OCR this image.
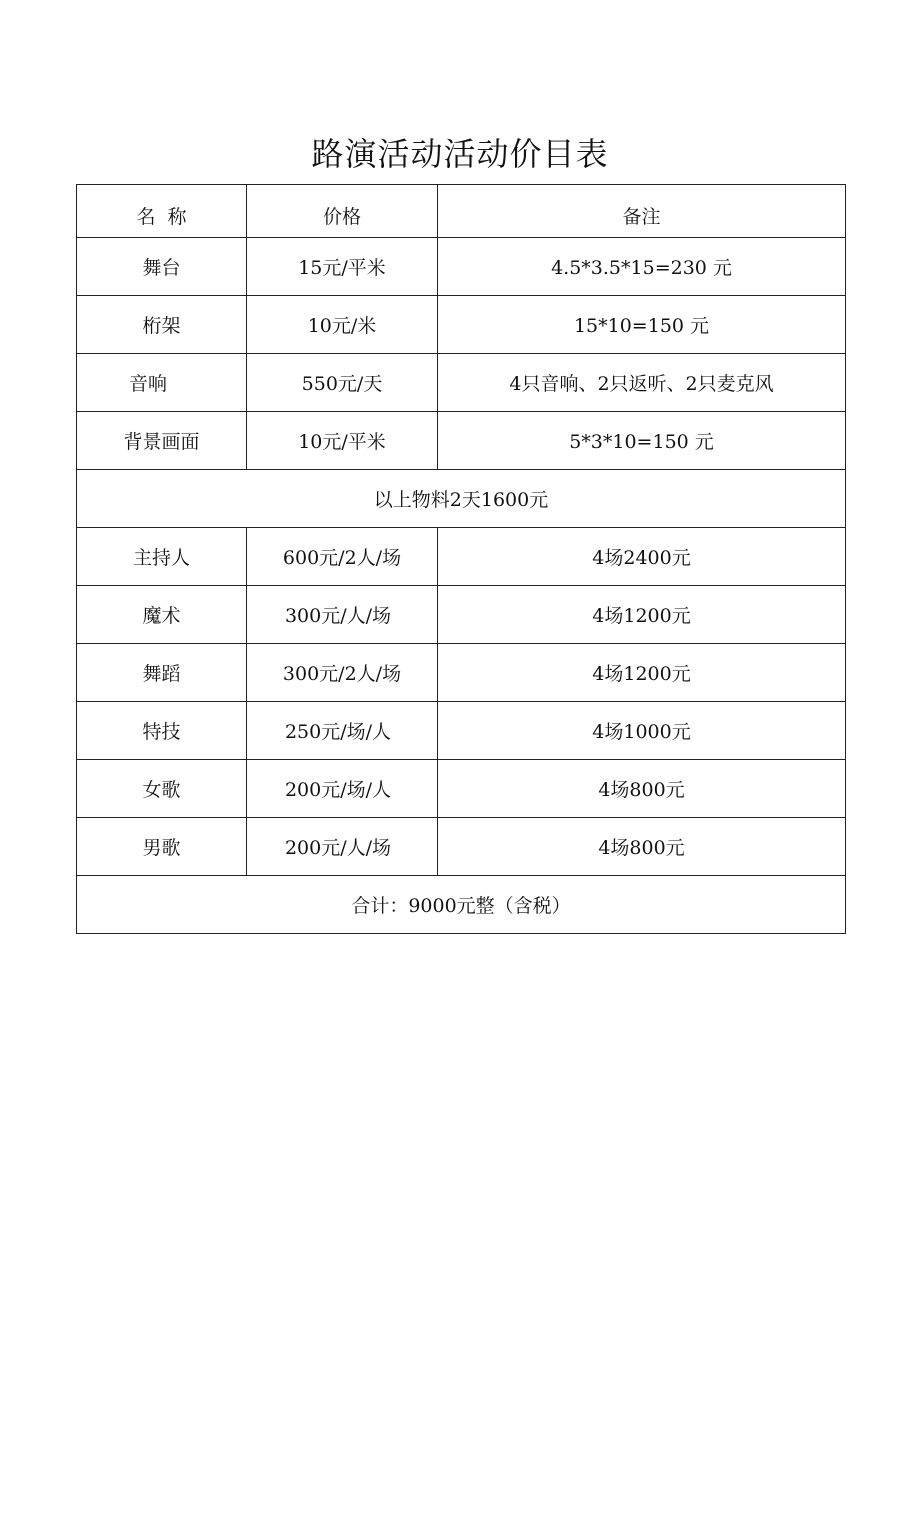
路演活动活动价目表
名  称	价格	备注
舞台	15元/平米	4.5*3.5*15=230 元
桁架	10元/米	15*10=150 元
音响	550元/天	4只音响、2只返听、2只麦克风
背景画面	10元/平米	5*3*10=150 元
以上物料2天1600元		
主持人	600元/2人/场	4场2400元
魔术	300元/人/场	4场1200元
舞蹈	300元/2人/场	4场1200元
特技	250元/场/人	4场1000元
女歌	200元/场/人	4场800元
男歌	200元/人/场	4场800元
合计：9000元整（含税）		
